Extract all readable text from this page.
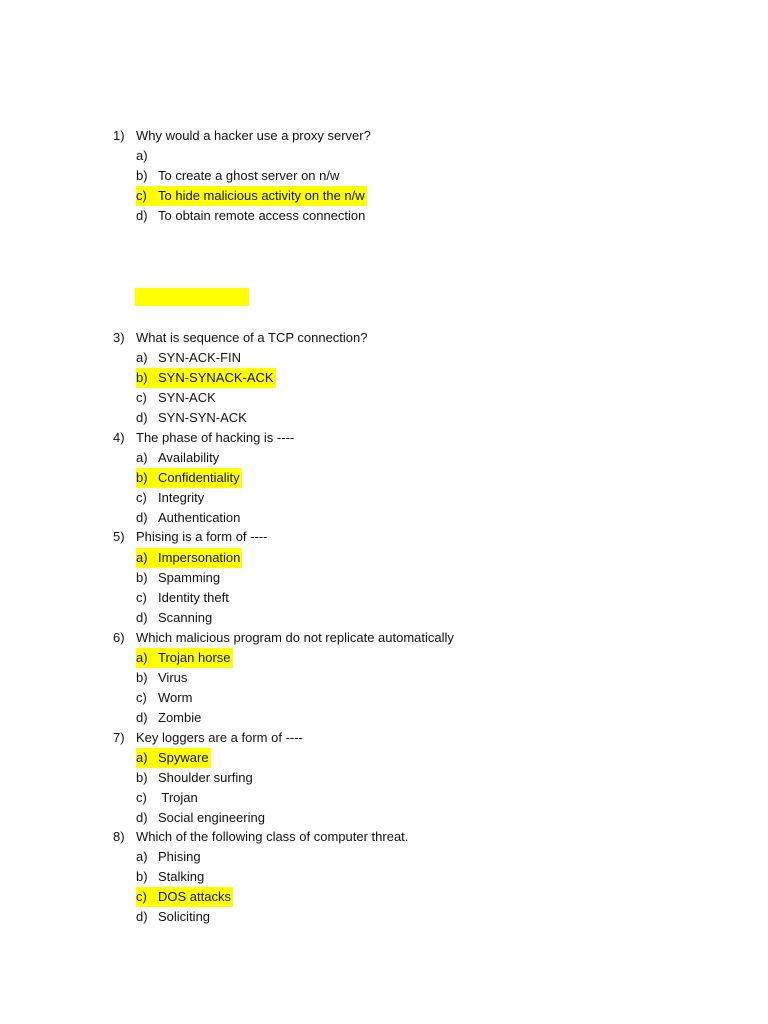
1) Why would a hacker use a proxy server?
a)
b) To create a ghost server on n/w
c) To hide malicious activity on the n/w
d) To obtain remote access connection
3) What is sequence of a TCP connection?
a) SYN-ACK-FIN
b) SYN-SYNACK-ACK
c) SYN-ACK
d) SYN-SYN-ACK
4) The phase of hacking is ----
a) Availability
b) Confidentiality
c) Integrity
d) Authentication
5) Phising is a form of ----
a) Impersonation
b) Spamming
c) Identity theft
d) Scanning
6) Which malicious program do not replicate automatically
a) Trojan horse
b) Virus
c) Worm
d) Zombie
7) Key loggers are a form of ----
a) Spyware
b) Shoulder surfing
c) Trojan
d) Social engineering
8) Which of the following class of computer threat.
a) Phising
b) Stalking
c) DOS attacks
d) Soliciting
